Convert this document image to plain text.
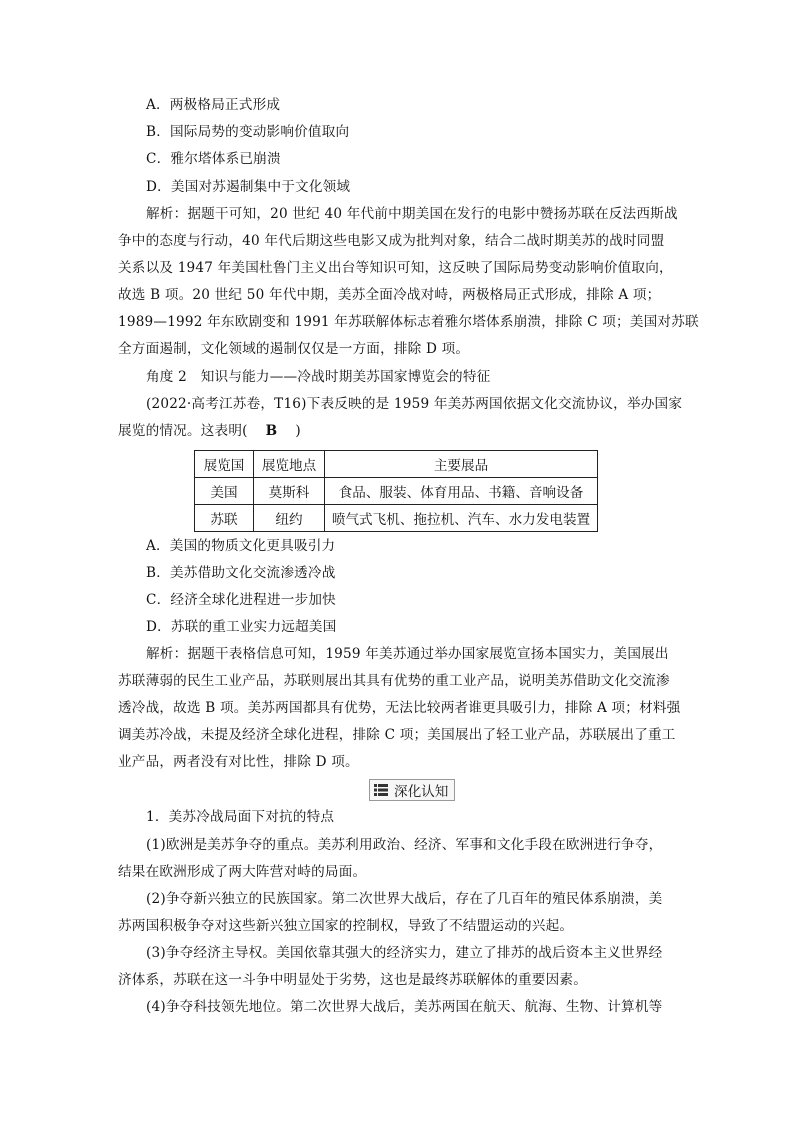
A．两极格局正式形成
B．国际局势的变动影响价值取向
C．雅尔塔体系已崩溃
D．美国对苏遏制集中于文化领域
解析：据题干可知，20 世纪 40 年代前中期美国在发行的电影中赞扬苏联在反法西斯战
争中的态度与行动，40 年代后期这些电影又成为批判对象，结合二战时期美苏的战时同盟
关系以及 1947 年美国杜鲁门主义出台等知识可知，这反映了国际局势变动影响价值取向，
故选 B 项。20 世纪 50 年代中期，美苏全面冷战对峙，两极格局正式形成，排除 A 项；
1989—1992 年东欧剧变和 1991 年苏联解体标志着雅尔塔体系崩溃，排除 C 项；美国对苏联
全方面遏制，文化领域的遏制仅仅是一方面，排除 D 项。
角度 2　知识与能力——冷战时期美苏国家博览会的特征
(2022·高考江苏卷，T16)下表反映的是 1959 年美苏两国依据文化交流协议，举办国家
展览的情况。这表明( B )
展览国	展览地点	主要展品
美国	莫斯科	食品、服装、体育用品、书籍、音响设备
苏联	纽约	喷气式飞机、拖拉机、汽车、水力发电装置
A．美国的物质文化更具吸引力
B．美苏借助文化交流渗透冷战
C．经济全球化进程进一步加快
D．苏联的重工业实力远超美国
解析：据题干表格信息可知，1959 年美苏通过举办国家展览宣扬本国实力，美国展出
苏联薄弱的民生工业产品，苏联则展出其具有优势的重工业产品，说明美苏借助文化交流渗
透冷战，故选 B 项。美苏两国都具有优势，无法比较两者谁更具吸引力，排除 A 项；材料强
调美苏冷战，未提及经济全球化进程，排除 C 项；美国展出了轻工业产品，苏联展出了重工
业产品，两者没有对比性，排除 D 项。
深化认知
1．美苏冷战局面下对抗的特点
(1)欧洲是美苏争夺的重点。美苏利用政治、经济、军事和文化手段在欧洲进行争夺，
结果在欧洲形成了两大阵营对峙的局面。
(2)争夺新兴独立的民族国家。第二次世界大战后，存在了几百年的殖民体系崩溃，美
苏两国积极争夺对这些新兴独立国家的控制权，导致了不结盟运动的兴起。
(3)争夺经济主导权。美国依靠其强大的经济实力，建立了排苏的战后资本主义世界经
济体系，苏联在这一斗争中明显处于劣势，这也是最终苏联解体的重要因素。
(4)争夺科技领先地位。第二次世界大战后，美苏两国在航天、航海、生物、计算机等
